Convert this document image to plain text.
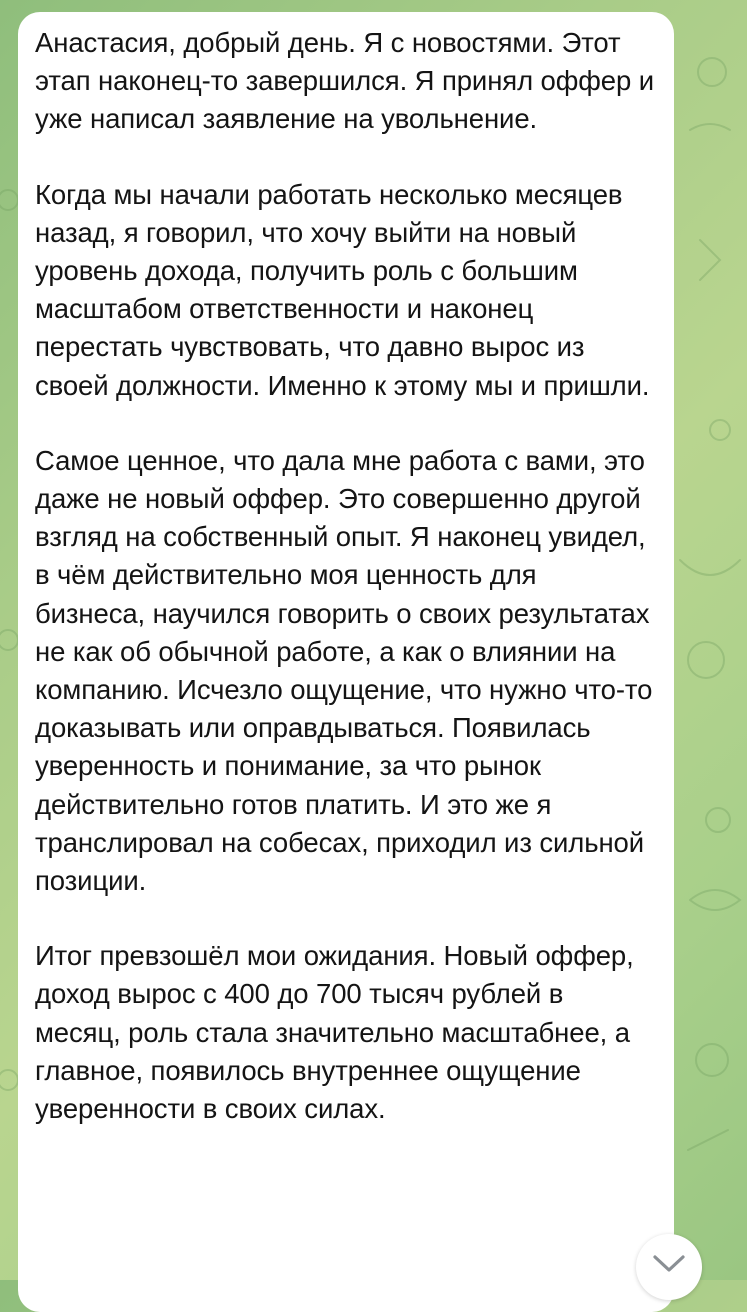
Анастасия, добрый день. Я с новостями. Этот этап наконец-то завершился. Я принял оффер и уже написал заявление на увольнение.

Когда мы начали работать несколько месяцев назад, я говорил, что хочу выйти на новый уровень дохода, получить роль с большим масштабом ответственности и наконец перестать чувствовать, что давно вырос из своей должности. Именно к этому мы и пришли.

Самое ценное, что дала мне работа с вами, это даже не новый оффер. Это совершенно другой взгляд на собственный опыт. Я наконец увидел, в чём действительно моя ценность для бизнеса, научился говорить о своих результатах не как об обычной работе, а как о влиянии на компанию. Исчезло ощущение, что нужно что-то доказывать или оправдываться. Появилась уверенность и понимание, за что рынок действительно готов платить. И это же я транслировал на собесах, приходил из сильной позиции.

Итог превзошёл мои ожидания. Новый оффер, доход вырос с 400 до 700 тысяч рублей в месяц, роль стала значительно масштабнее, а главное, появилось внутреннее ощущение уверенности в своих силах.
